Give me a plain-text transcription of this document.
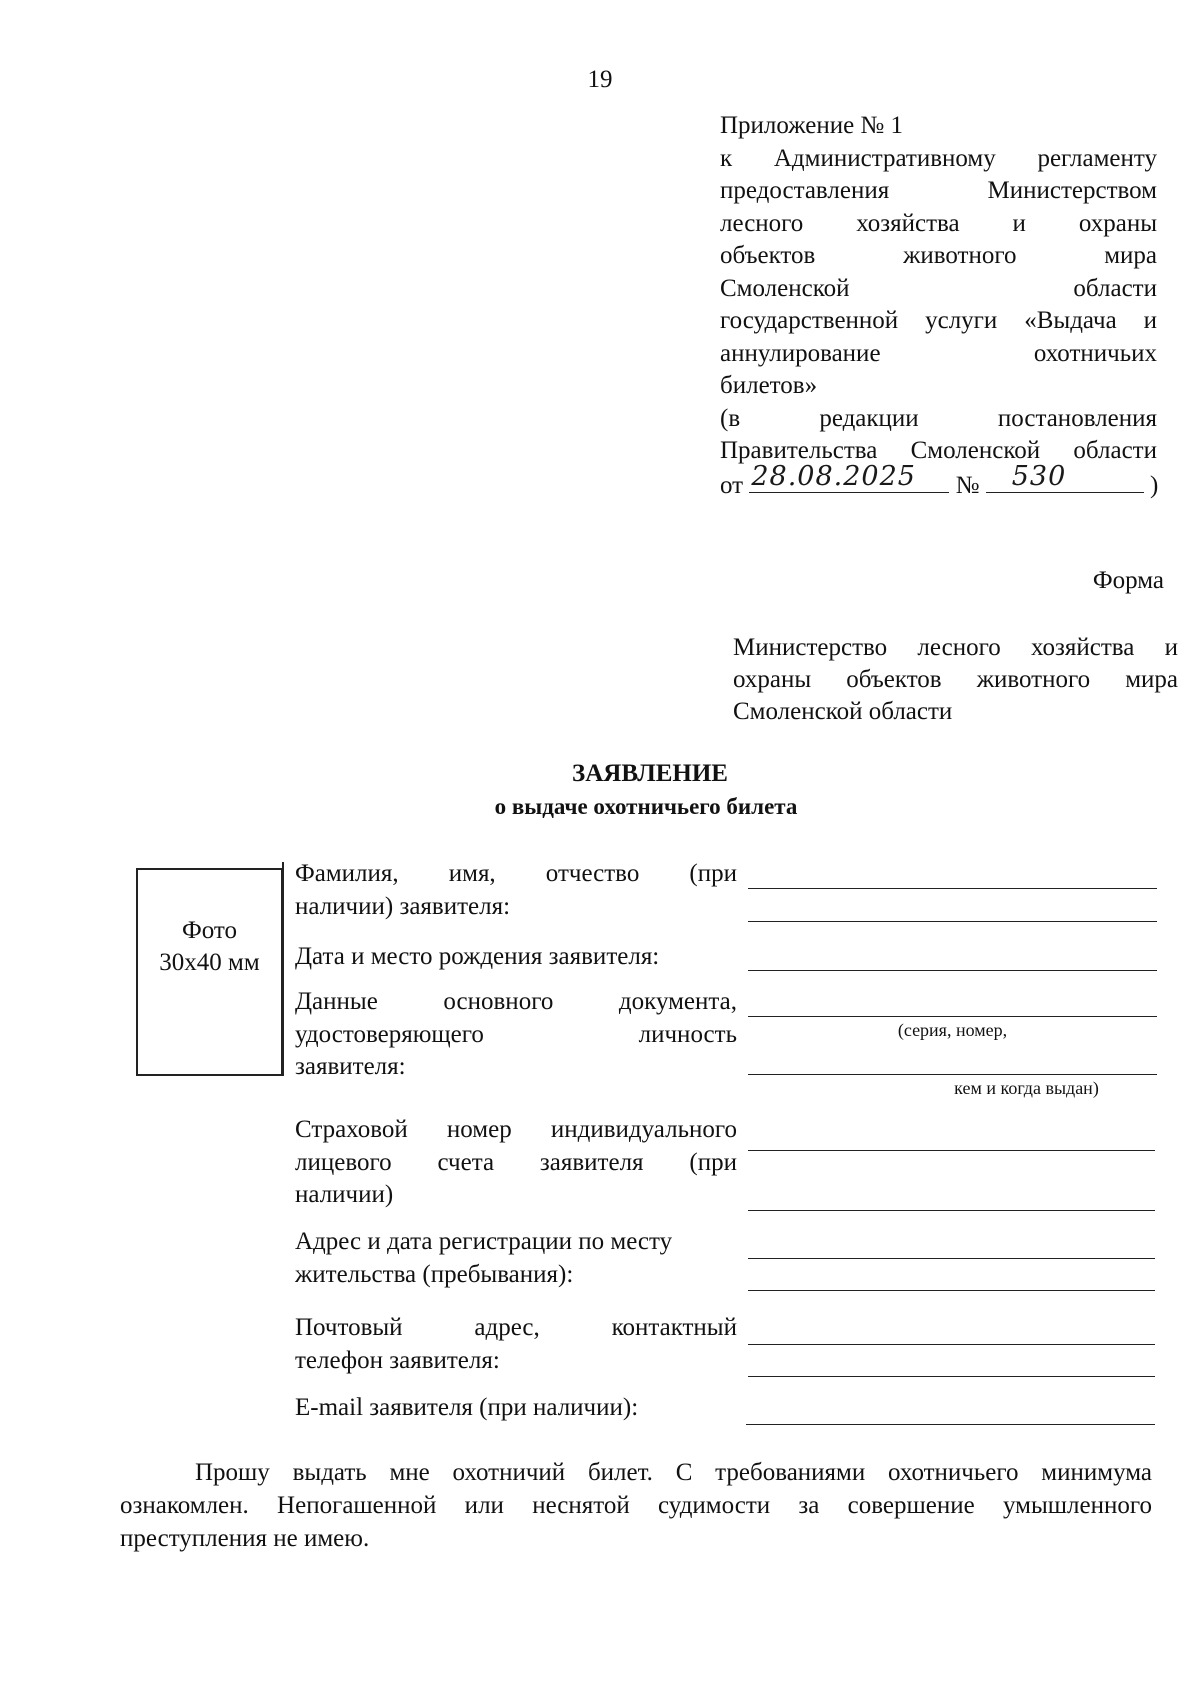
19
Приложение № 1
к Административному регламенту
предоставления Министерством
лесного хозяйства и охраны
объектов животного мира
Смоленской области
государственной услуги «Выдача и
аннулирование охотничьих
билетов»
(в редакции постановления
Правительства Смоленской области
от 28.08.2025 № 530	)
Форма
Министерство лесного хозяйства и
охраны объектов животного мира
Смоленской области
ЗАЯВЛЕНИЕ
о выдаче охотничьего билета
Фото
30х40 мм
Фамилия, имя, отчество (при
наличии) заявителя:
Дата и место рождения заявителя:
Данные основного документа,
удостоверяющего личность
заявителя:
(серия, номер,
кем и когда выдан)
Страховой номер индивидуального
лицевого счета заявителя (при
наличии)
Адрес и дата регистрации по месту
жительства (пребывания):
Почтовый адрес, контактный
телефон заявителя:
E-mail заявителя (при наличии):
Прошу выдать мне охотничий билет. С требованиями охотничьего минимума
ознакомлен. Непогашенной или неснятой судимости за совершение умышленного
преступления не имею.
